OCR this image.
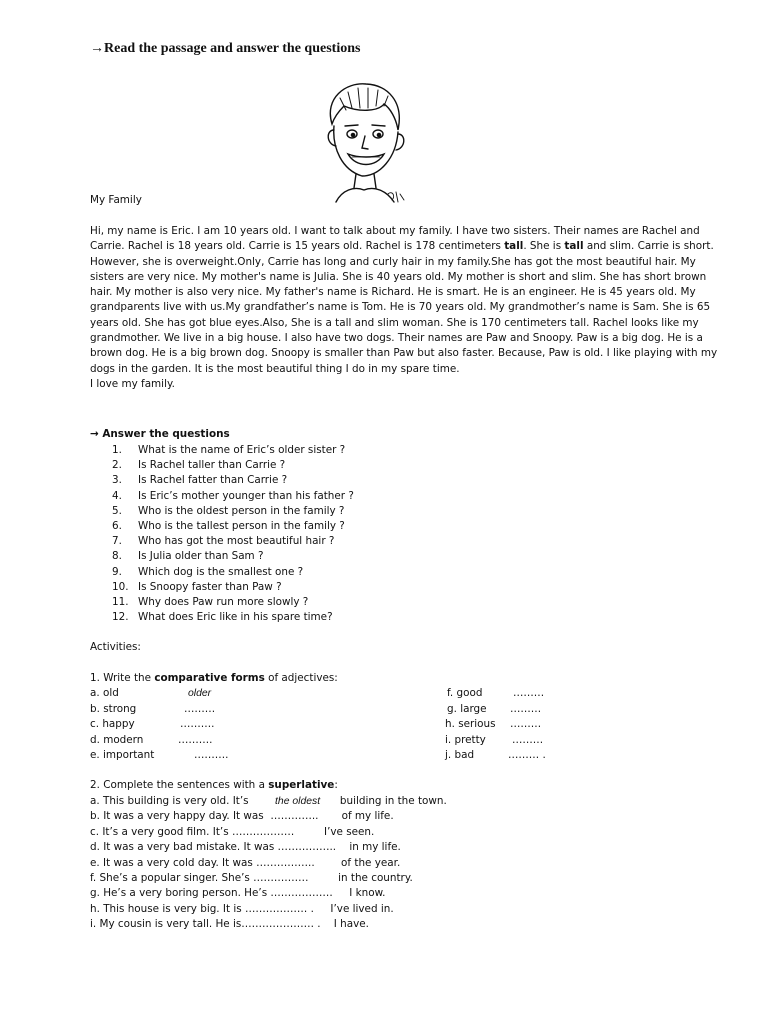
→Read the passage and answer the questions
My Family

Hi, my name is Eric. I am 10 years old. I want to talk about my family. I have two sisters. Their names are Rachel and Carrie. Rachel is 18 years old. Carrie is 15 years old. Rachel is 178 centimeters tall. She is tall and slim. Carrie is short. However, she is overweight.Only, Carrie has long and curly hair in my family.She has got the most beautiful hair. My sisters are very nice. My mother's name is Julia. She is 40 years old. My mother is short and slim. She has short brown hair. My mother is also very nice. My father's name is Richard. He is smart. He is an engineer. He is 45 years old. My grandparents live with us.My grandfather’s name is Tom. He is 70 years old. My grandmother’s name is Sam. She is 65 years old. She has got blue eyes.Also, She is a tall and slim woman. She is 170 centimeters tall. Rachel looks like my grandmother. We live in a big house. I also have two dogs. Their names are Paw and Snoopy. Paw is a big dog. He is a brown dog. He is a big brown dog. Snoopy is smaller than Paw but also faster. Because, Paw is old. I like playing with my dogs in the garden. It is the most beautiful thing I do in my spare time.

I love my family.

→ Answer the questions
1.	What is the name of Eric’s older sister ?
2.	Is Rachel taller than Carrie ?
3.	Is Rachel fatter than Carrie ?
4.	Is Eric’s mother younger than his father ?
5.	Who is the oldest person in the family ?
6.	Who is the tallest person in the family ?
7.	Who has got the most beautiful hair ?
8.	Is Julia older than Sam ?
9.	Which dog is the smallest one ?
10. Is Snoopy faster than Paw ?
11. Why does Paw run more slowly ?
12. What does Eric like in his spare time?
Activities:
1. Write the comparative forms of adjectives:
a. old	older	f. good	………
b. strong	………	g. large ………
c. happy	……….	h. serious ………
d. modern	……….	i. pretty	………
e. important	……….	j. bad	……… .
2. Complete the sentences with a superlative:
a. This building is very old. It’s        the oldest      building in the town.
b. It was a very happy day. It was  …………..       of my life.
c. It’s a very good film. It’s ………………         I’ve seen.
d. It was a very bad mistake. It was ……………..    in my life.
e. It was a very cold day. It was ……………..        of the year.
f. She’s a popular singer. She’s …………….         in the country.
g. He’s a very boring person. He’s ………………     I know.
h. This house is very big. It is ……………… .     I’ve lived in.
i. My cousin is very tall. He is………………… .    I have.
